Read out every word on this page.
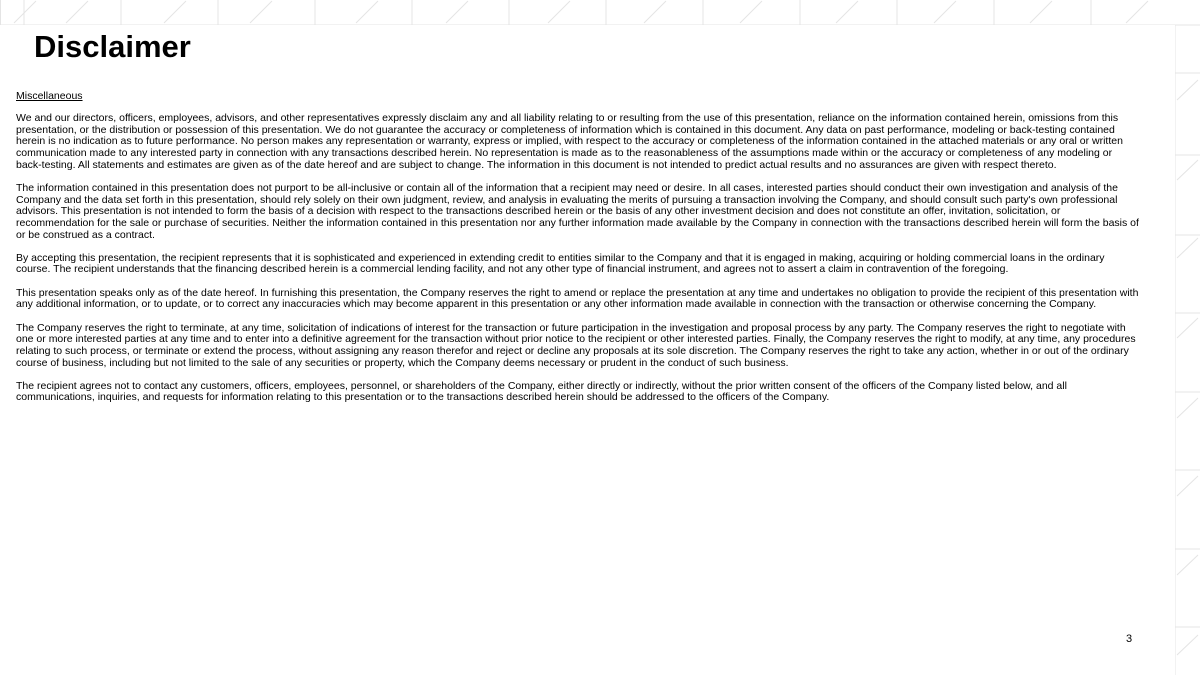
Disclaimer
Miscellaneous

We and our directors, officers, employees, advisors, and other representatives expressly disclaim any and all liability relating to or resulting from the use of this presentation, reliance on the information contained herein, omissions from this presentation, or the distribution or possession of this presentation. We do not guarantee the accuracy or completeness of information which is contained in this document. Any data on past performance, modeling or back-testing contained herein is no indication as to future performance. No person makes any representation or warranty, express or implied, with respect to the accuracy or completeness of the information contained in the attached materials or any oral or written communication made to any interested party in connection with any transactions described herein. No representation is made as to the reasonableness of the assumptions made within or the accuracy or completeness of any modeling or back-testing. All statements and estimates are given as of the date hereof and are subject to change. The information in this document is not intended to predict actual results and no assurances are given with respect thereto.

The information contained in this presentation does not purport to be all-inclusive or contain all of the information that a recipient may need or desire. In all cases, interested parties should conduct their own investigation and analysis of the Company and the data set forth in this presentation, should rely solely on their own judgment, review, and analysis in evaluating the merits of pursuing a transaction involving the Company, and should consult such party's own professional advisors. This presentation is not intended to form the basis of a decision with respect to the transactions described herein or the basis of any other investment decision and does not constitute an offer, invitation, solicitation, or recommendation for the sale or purchase of securities. Neither the information contained in this presentation nor any further information made available by the Company in connection with the transactions described herein will form the basis of or be construed as a contract.

By accepting this presentation, the recipient represents that it is sophisticated and experienced in extending credit to entities similar to the Company and that it is engaged in making, acquiring or holding commercial loans in the ordinary course. The recipient understands that the financing described herein is a commercial lending facility, and not any other type of financial instrument, and agrees not to assert a claim in contravention of the foregoing.

This presentation speaks only as of the date hereof. In furnishing this presentation, the Company reserves the right to amend or replace the presentation at any time and undertakes no obligation to provide the recipient of this presentation with any additional information, or to update, or to correct any inaccuracies which may become apparent in this presentation or any other information made available in connection with the transaction or otherwise concerning the Company.

The Company reserves the right to terminate, at any time, solicitation of indications of interest for the transaction or future participation in the investigation and proposal process by any party. The Company reserves the right to negotiate with one or more interested parties at any time and to enter into a definitive agreement for the transaction without prior notice to the recipient or other interested parties. Finally, the Company reserves the right to modify, at any time, any procedures relating to such process, or terminate or extend the process, without assigning any reason therefor and reject or decline any proposals at its sole discretion. The Company reserves the right to take any action, whether in or out of the ordinary course of business, including but not limited to the sale of any securities or property, which the Company deems necessary or prudent in the conduct of such business.

The recipient agrees not to contact any customers, officers, employees, personnel, or shareholders of the Company, either directly or indirectly, without the prior written consent of the officers of the Company listed below, and all communications, inquiries, and requests for information relating to this presentation or to the transactions described herein should be addressed to the officers of the Company.

3
